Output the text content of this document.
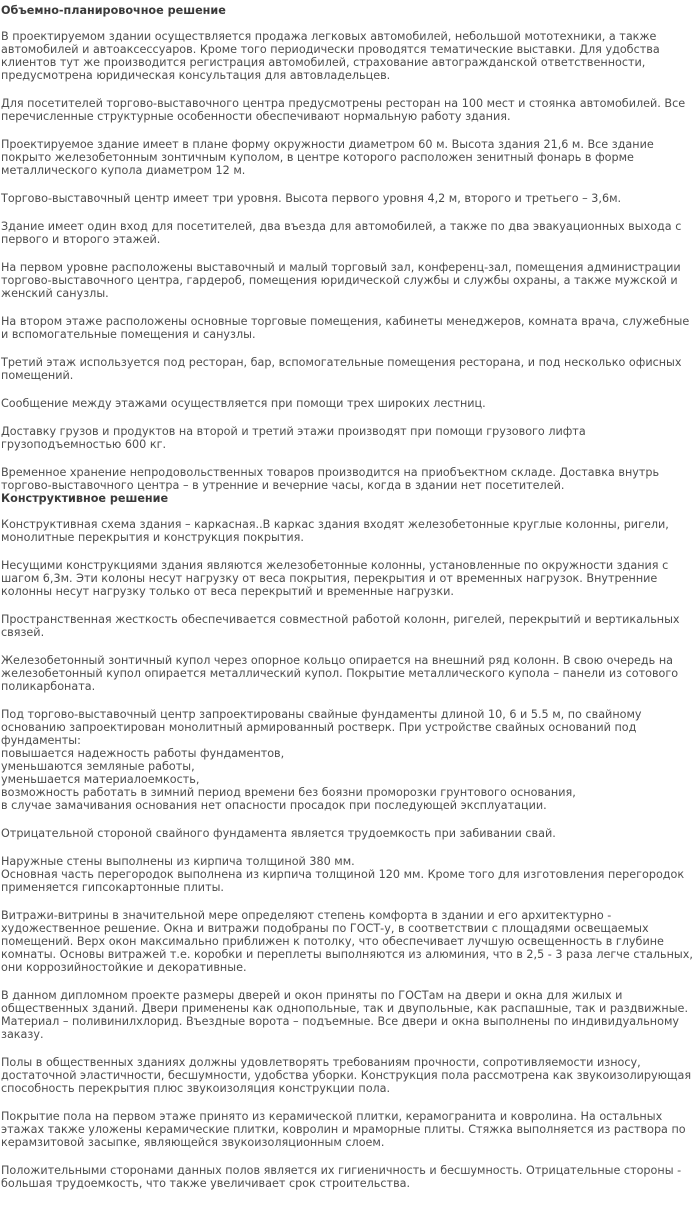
Объемно-планировочное решение

В проектируемом здании осуществляется продажа легковых автомобилей, небольшой мототехники, а также автомобилей и автоаксессуаров. Кроме того периодически проводятся тематические выставки. Для удобства клиентов тут же производится регистрация автомобилей, страхование автогражданской ответственности, предусмотрена юридическая консультация для автовладельцев.

Для посетителей торгово-выставочного центра предусмотрены ресторан на 100 мест и стоянка автомобилей. Все перечисленные структурные особенности обеспечивают нормальную работу здания.

Проектируемое здание имеет в плане форму окружности диаметром 60 м. Высота здания 21,6 м. Все здание покрыто железобетонным зонтичным куполом, в центре которого расположен зенитный фонарь в форме металлического купола диаметром 12 м.

Торгово-выставочный центр имеет три уровня. Высота первого уровня 4,2 м, второго и третьего – 3,6м.

Здание имеет один вход для посетителей, два въезда для автомобилей, а также по два эвакуационных выхода с первого и второго этажей.

На первом уровне расположены выставочный и малый торговый зал, конференц-зал, помещения администрации торгово-выставочного центра, гардероб, помещения юридической службы и службы охраны, а также мужской и женский санузлы.

На втором этаже расположены основные торговые помещения, кабинеты менеджеров, комната врача, служебные и вспомогательные помещения и санузлы.

Третий этаж используется под ресторан, бар, вспомогательные помещения ресторана, и под несколько офисных помещений.

Сообщение между этажами осуществляется при помощи трех широких лестниц.

Доставку грузов и продуктов на второй и третий этажи производят при помощи грузового лифта грузоподъемностью 600 кг.

Временное хранение непродовольственных товаров производится на приобъектном складе. Доставка внутрь торгово-выставочного центра – в утренние и вечерние часы, когда в здании нет посетителей.

Конструктивное решение

Конструктивная схема здания – каркасная..В каркас здания входят железобетонные круглые колонны, ригели, монолитные перекрытия и конструкция покрытия.

Несущими конструкциями здания являются железобетонные колонны, установленные по окружности здания с шагом 6,3м. Эти колоны несут нагрузку от веса покрытия, перекрытия и от временных нагрузок. Внутренние колонны несут нагрузку только от веса перекрытий и временные нагрузки.

Пространственная жесткость обеспечивается совместной работой колонн, ригелей, перекрытий и вертикальных связей.

Железобетонный зонтичный купол через опорное кольцо опирается на внешний ряд колонн. В свою очередь на железобетонный купол опирается металлический купол. Покрытие металлического купола – панели из сотового поликарбоната.

Под торгово-выставочный центр запроектированы свайные фундаменты длиной 10, 6 и 5.5 м, по свайному основанию запроектирован монолитный армированный ростверк. При устройстве свайных оснований под фундаменты:

повышается надежность работы фундаментов,

уменьшаются земляные работы,

уменьшается материалоемкость,

возможность работать в зимний период времени без боязни проморозки грунтового основания,

в случае замачивания основания нет опасности просадок при последующей эксплуатации.

Отрицательной стороной свайного фундамента является трудоемкость при забивании свай.

Наружные стены выполнены из кирпича толщиной 380 мм.

Основная часть перегородок выполнена из кирпича толщиной 120 мм. Кроме того для изготовления перегородок применяется гипсокартонные плиты.

Витражи-витрины в значительной мере определяют степень комфорта в здании и его архитектурно - художественное решение. Окна и витражи подобраны по ГОСТ-у, в соответствии с площадями освещаемых помещений. Верх окон максимально приближен к потолку, что обеспечивает лучшую освещенность в глубине комнаты. Основы витражей т.е. коробки и переплеты выполняются из алюминия, что в 2,5 - 3 раза легче стальных, они коррозийностойкие и декоративные.

В данном дипломном проекте размеры дверей и окон приняты по ГОСТам на двери и окна для жилых и общественных зданий. Двери применены как однопольные, так и двупольные, как распашные, так и раздвижные. Материал – поливинилхлорид. Въездные ворота – подъемные. Все двери и окна выполнены по индивидуальному заказу.

Полы в общественных зданиях должны удовлетворять требованиям прочности, сопротивляемости износу, достаточной эластичности, бесшумности, удобства уборки. Конструкция пола рассмотрена как звукоизолирующая способность перекрытия плюс звукоизоляция конструкции пола.

Покрытие пола на первом этаже принято из керамической плитки, керамогранита и ковролина. На остальных этажах также уложены керамические плитки, ковролин и мраморные плиты. Стяжка выполняется из раствора по керамзитовой засыпке, являющейся звукоизоляционным слоем.

Положительными сторонами данных полов является их гигиеничность и бесшумность. Отрицательные стороны - большая трудоемкость, что также увеличивает срок строительства.
